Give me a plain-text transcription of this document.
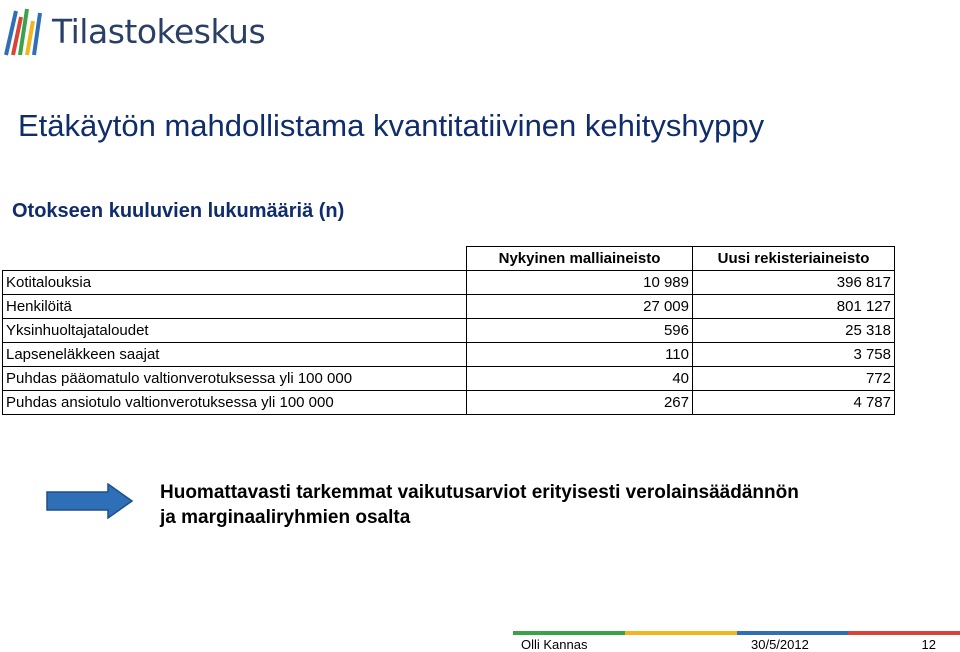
Tilastokeskus
Etäkäytön mahdollistama kvantitatiivinen kehityshyppy
Otokseen kuuluvien lukumääriä (n)
	Nykyinen malliaineisto	Uusi rekisteriaineisto
Kotitalouksia	10 989	396 817
Henkilöitä	27 009	801 127
Yksinhuoltajataloudet	596	25 318
Lapseneläkkeen saajat	110	3 758
Puhdas pääomatulo valtionverotuksessa yli 100 000	40	772
Puhdas ansiotulo valtionverotuksessa yli 100 000	267	4 787
Huomattavasti tarkemmat vaikutusarviot erityisesti verolainsäädännön
ja marginaaliryhmien osalta
Olli Kannas	30/5/2012	12
